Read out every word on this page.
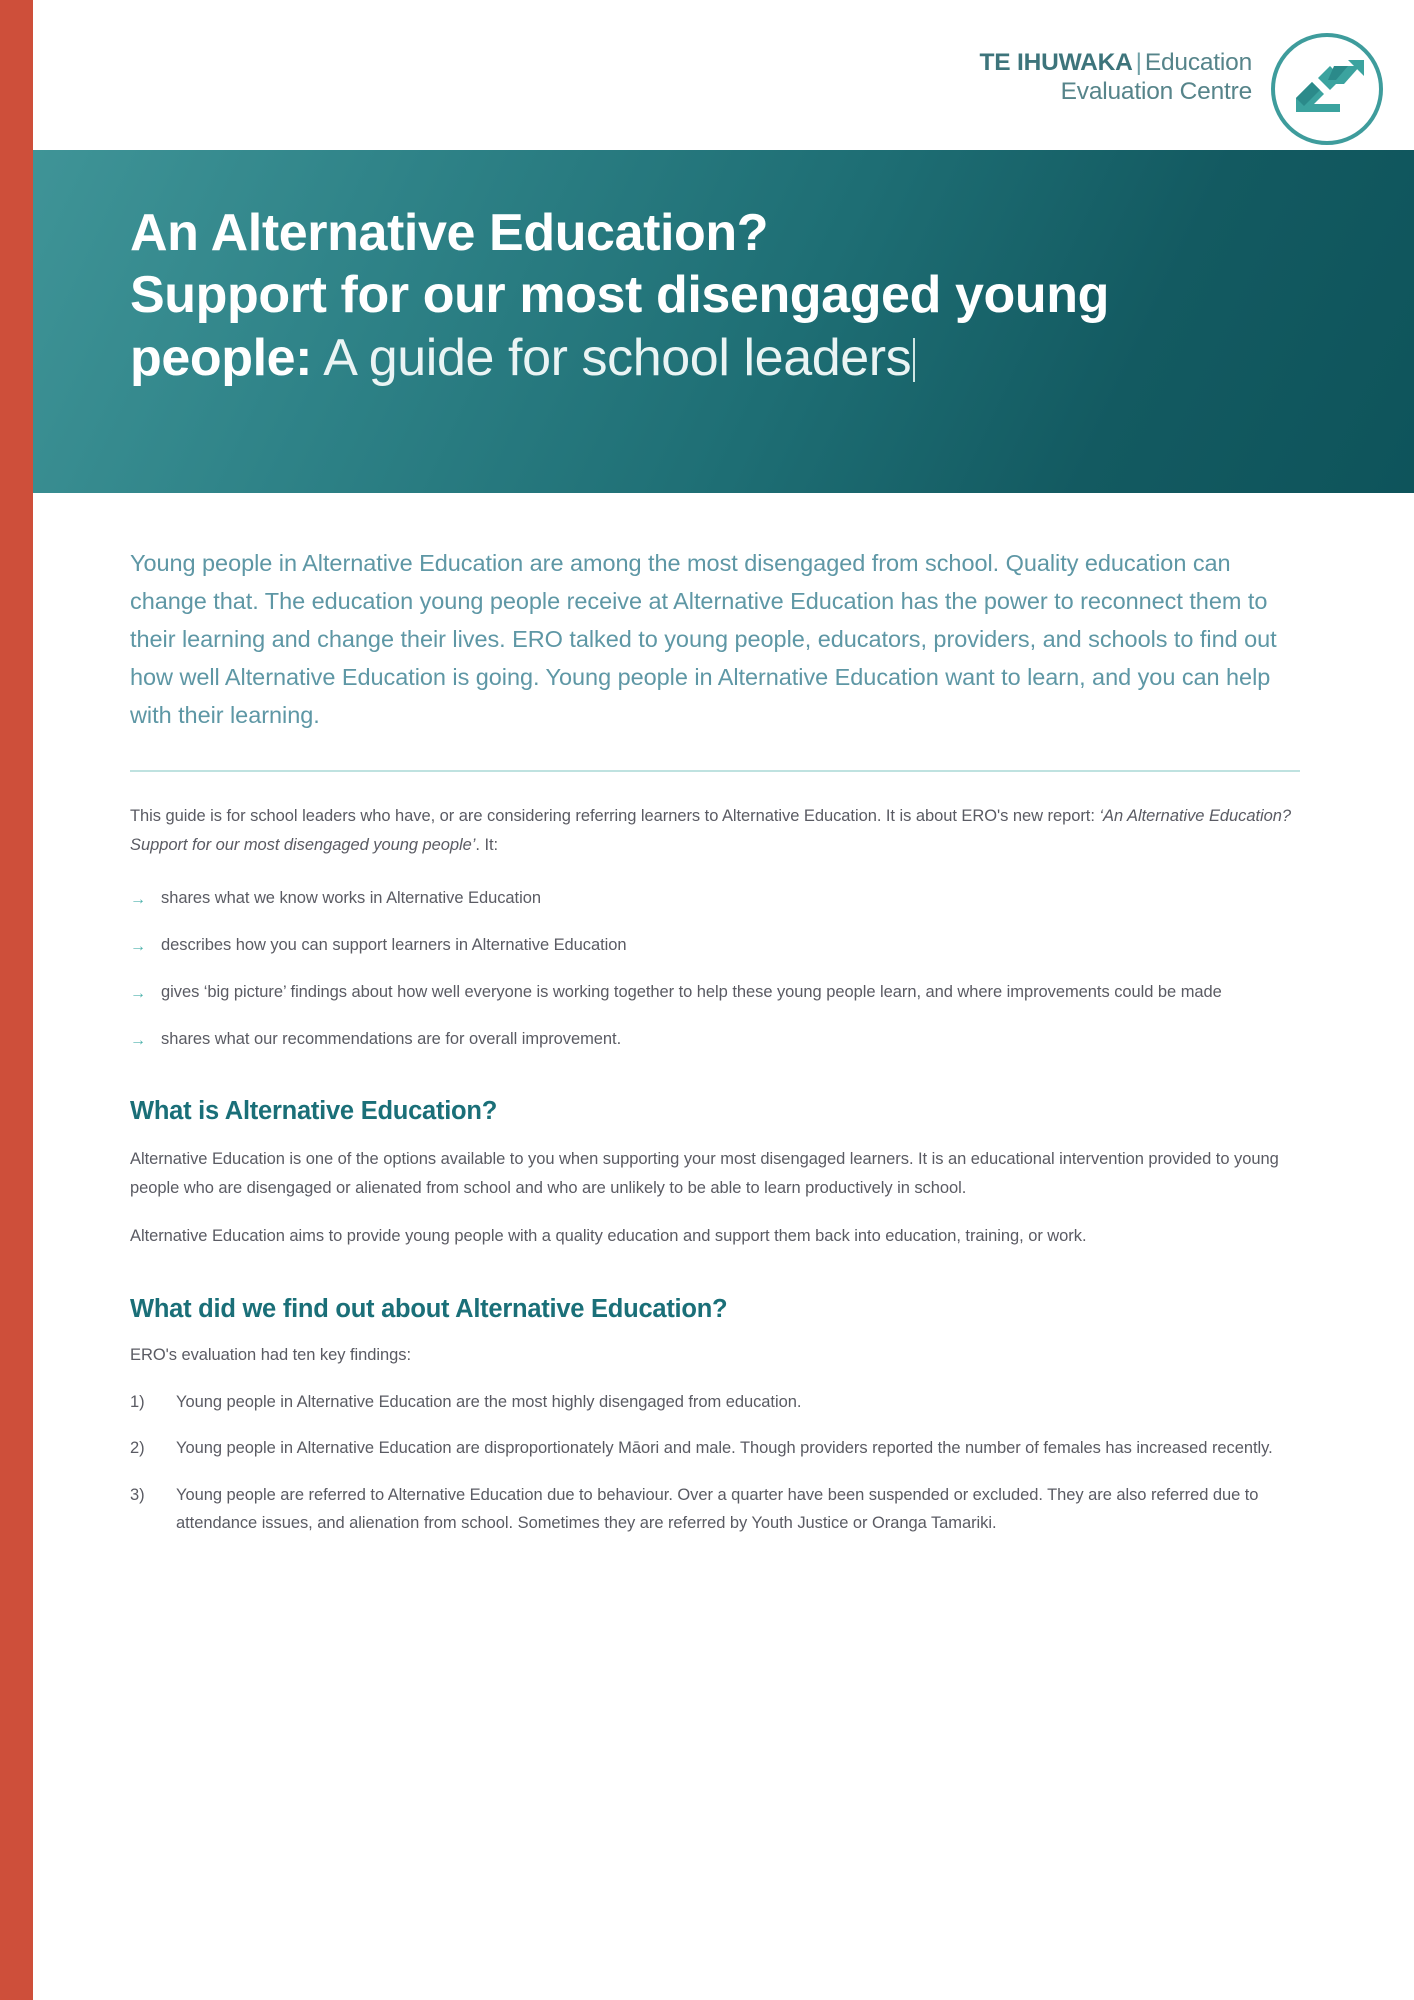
TE IHUWAKA | Education
Evaluation Centre
An Alternative Education?
Support for our most disengaged young
people: A guide for school leaders

Young people in Alternative Education are among the most disengaged from school. Quality education can change that. The education young people receive at Alternative Education has the power to reconnect them to their learning and change their lives. ERO talked to young people, educators, providers, and schools to find out how well Alternative Education is going. Young people in Alternative Education want to learn, and you can help with their learning.

This guide is for school leaders who have, or are considering referring learners to Alternative Education. It is about ERO's new report: ‘An Alternative Education? Support for our most disengaged young people’. It:

→ shares what we know works in Alternative Education
→ describes how you can support learners in Alternative Education
→ gives ‘big picture’ findings about how well everyone is working together to help these young people learn, and where improvements could be made
→ shares what our recommendations are for overall improvement.
What is Alternative Education?

Alternative Education is one of the options available to you when supporting your most disengaged learners. It is an educational intervention provided to young people who are disengaged or alienated from school and who are unlikely to be able to learn productively in school.

Alternative Education aims to provide young people with a quality education and support them back into education, training, or work.

What did we find out about Alternative Education?

ERO's evaluation had ten key findings:

1) Young people in Alternative Education are the most highly disengaged from education.
2) Young people in Alternative Education are disproportionately Māori and male. Though providers reported the number of females has increased recently.
3) Young people are referred to Alternative Education due to behaviour. Over a quarter have been suspended or excluded. They are also referred due to attendance issues, and alienation from school. Sometimes they are referred by Youth Justice or Oranga Tamariki.
